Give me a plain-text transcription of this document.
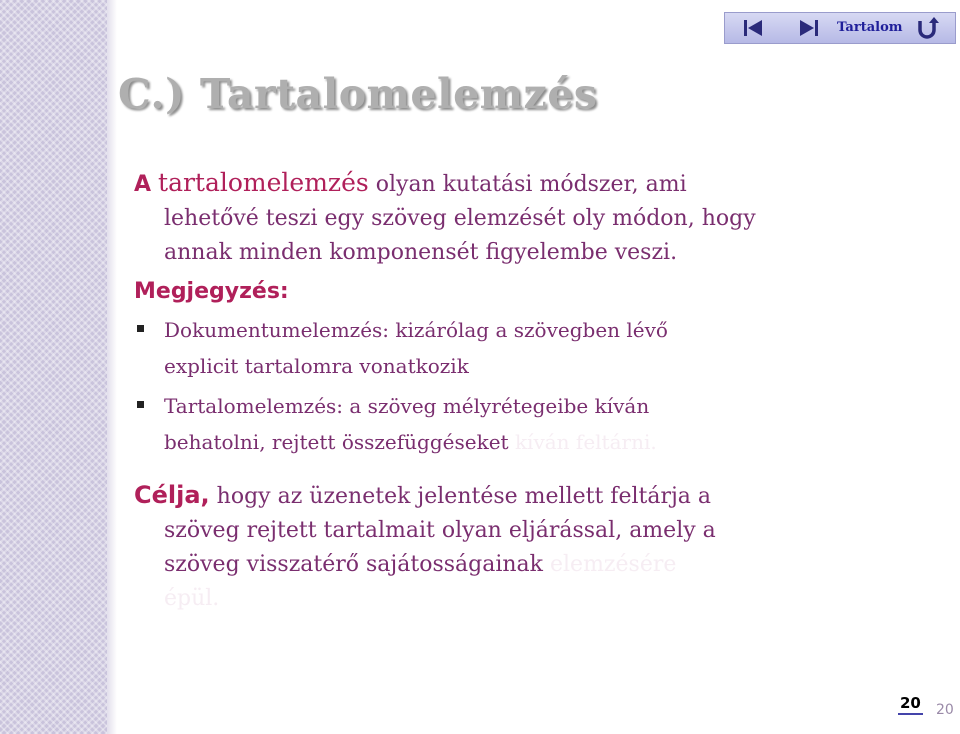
Tartalom
C.) Tartalomelemzés

A tartalomelemzés olyan kutatási módszer, ami
lehetővé teszi egy szöveg elemzését oly módon, hogy
annak minden komponensét figyelembe veszi.

Megjegyzés:
Dokumentumelemzés: kizárólag a szövegben lévő
explicit tartalomra vonatkozik
Tartalomelemzés: a szöveg mélyrétegeibe kíván
behatolni, rejtett összefüggéseket kíván feltárni.

Célja, hogy az üzenetek jelentése mellett feltárja a
szöveg rejtett tartalmait olyan eljárással, amely a
szöveg visszatérő sajátosságainak elemzésére
épül.

20 20
